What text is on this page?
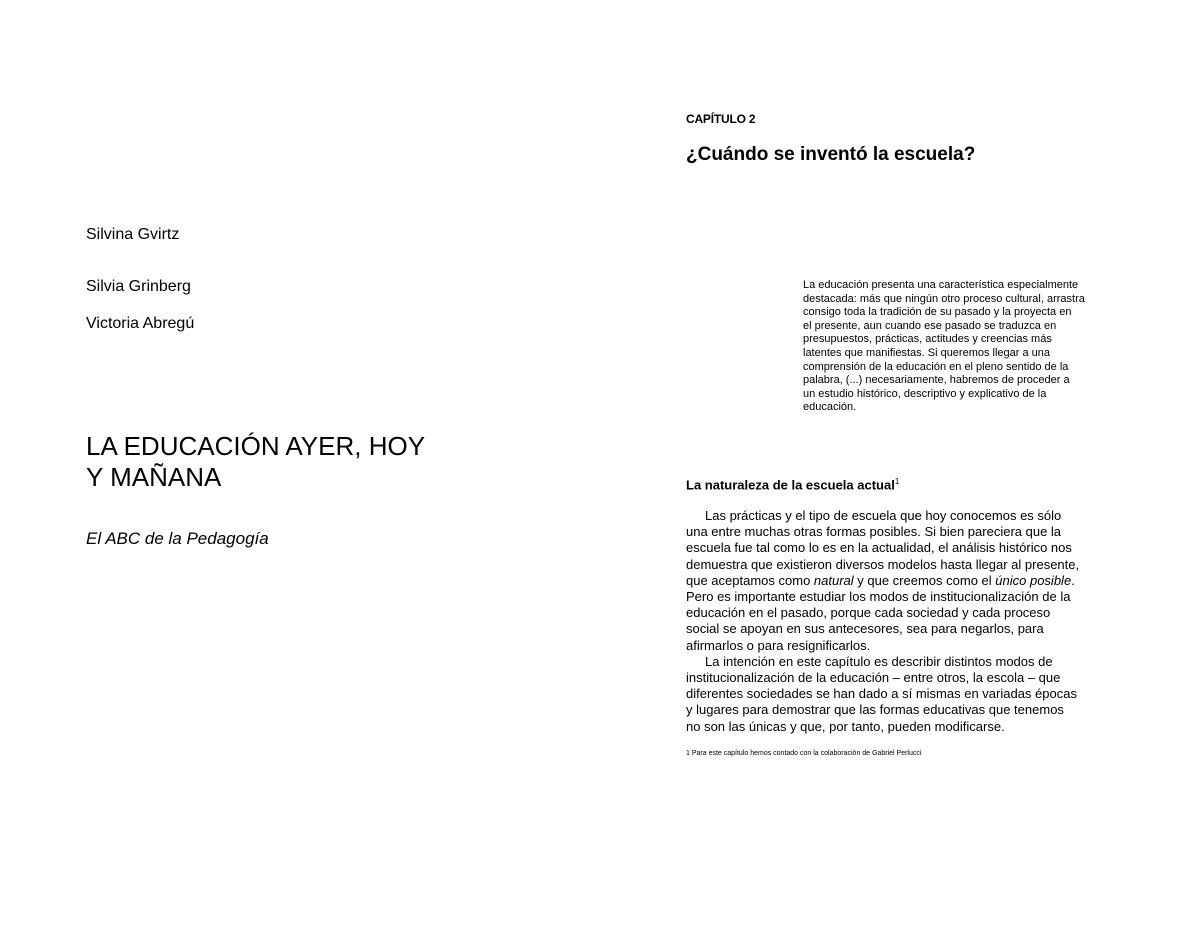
Silvina Gvirtz
Silvia Grinberg
Victoria Abregú
LA EDUCACIÓN AYER, HOY
Y MAÑANA
El ABC de la Pedagogía
CAPÍTULO 2
¿Cuándo se inventó la escuela?
La educación presenta una característica especialmente
destacada: más que ningún otro proceso cultural, arrastra
consigo toda la tradición de su pasado y la proyecta en
el presente, aun cuando ese pasado se traduzca en
presupuestos, prácticas, actitudes y creencias más
latentes que manifiestas. Si queremos llegar a una
comprensión de la educación en el pleno sentido de la
palabra, (...) necesariamente, habremos de proceder a
un estudio histórico, descriptivo y explicativo de la
educación.
La naturaleza de la escuela actual$^1$
Las prácticas y el tipo de escuela que hoy conocemos es sólo
una entre muchas otras formas posibles. Si bien pareciera que la
escuela fue tal como lo es en la actualidad, el análisis histórico nos
demuestra que existieron diversos modelos hasta llegar al presente,
que aceptamos como natural y que creemos como el único posible.
Pero es importante estudiar los modos de institucionalización de la
educación en el pasado, porque cada sociedad y cada proceso
social se apoyan en sus antecesores, sea para negarlos, para
afirmarlos o para resignificarlos.
La intención en este capítulo es describir distintos modos de
institucionalización de la educación – entre otros, la escola – que
diferentes sociedades se han dado a sí mismas en variadas épocas
y lugares para demostrar que las formas educativas que tenemos
no son las únicas y que, por tanto, pueden modificarse.
1 Para este capítulo hemos contado con la colaboración de Gabriel Perlucci
